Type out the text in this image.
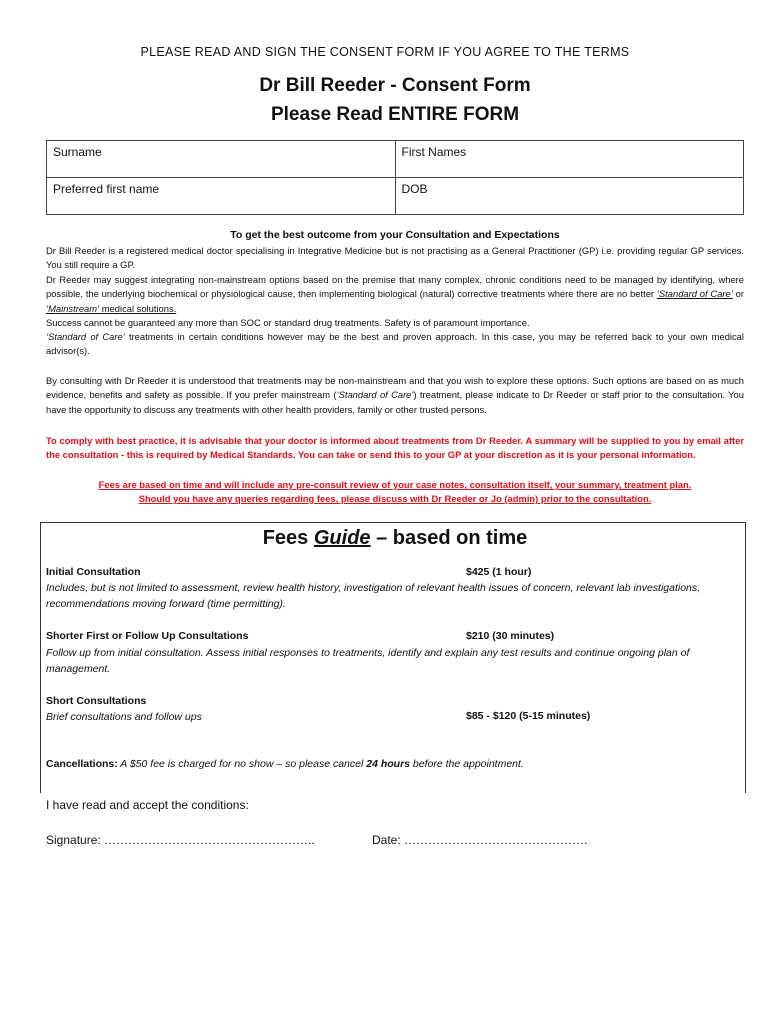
PLEASE READ AND SIGN THE CONSENT FORM IF YOU AGREE TO THE TERMS
Dr Bill Reeder - Consent Form
Please Read ENTIRE FORM
Surname	First Names
Preferred first name	DOB
To get the best outcome from your Consultation and Expectations
Dr Bill Reeder is a registered medical doctor specialising in Integrative Medicine but is not practising as a General Practitioner (GP) i.e. providing regular GP services. You still require a GP.
Dr Reeder may suggest integrating non-mainstream options based on the premise that many complex, chronic conditions need to be managed by identifying, where possible, the underlying biochemical or physiological cause, then implementing biological (natural) corrective treatments where there are no better ‘Standard of Care’ or ‘Mainstream’ medical solutions.
Success cannot be guaranteed any more than SOC or standard drug treatments. Safety is of paramount importance.
‘Standard of Care’ treatments in certain conditions however may be the best and proven approach. In this case, you may be referred back to your own medical advisor(s).
By consulting with Dr Reeder it is understood that treatments may be non-mainstream and that you wish to explore these options. Such options are based on as much evidence, benefits and safety as possible. If you prefer mainstream (‘Standard of Care’) treatment, please indicate to Dr Reeder or staff prior to the consultation. You have the opportunity to discuss any treatments with other health providers, family or other trusted persons.
To comply with best practice, it is advisable that your doctor is informed about treatments from Dr Reeder. A summary will be supplied to you by email after the consultation - this is required by Medical Standards. You can take or send this to your GP at your discretion as it is your personal information.
Fees are based on time and will include any pre-consult review of your case notes, consultation itself, your summary, treatment plan.
Should you have any queries regarding fees, please discuss with Dr Reeder or Jo (admin) prior to the consultation.
Fees Guide – based on time
Initial Consultation	$425 (1 hour)
Includes, but is not limited to assessment, review health history, investigation of relevant health issues of concern, relevant lab investigations, recommendations moving forward (time permitting).
Shorter First or Follow Up Consultations	$210 (30 minutes)
Follow up from initial consultation. Assess initial responses to treatments, identify and explain any test results and continue ongoing plan of management.
Short Consultations
Brief consultations and follow ups	$85 - $120 (5-15 minutes)
Cancellations: A $50 fee is charged for no show – so please cancel 24 hours before the appointment.
I have read and accept the conditions:
Signature: ……………………………………………..	Date: ……………………………………….
